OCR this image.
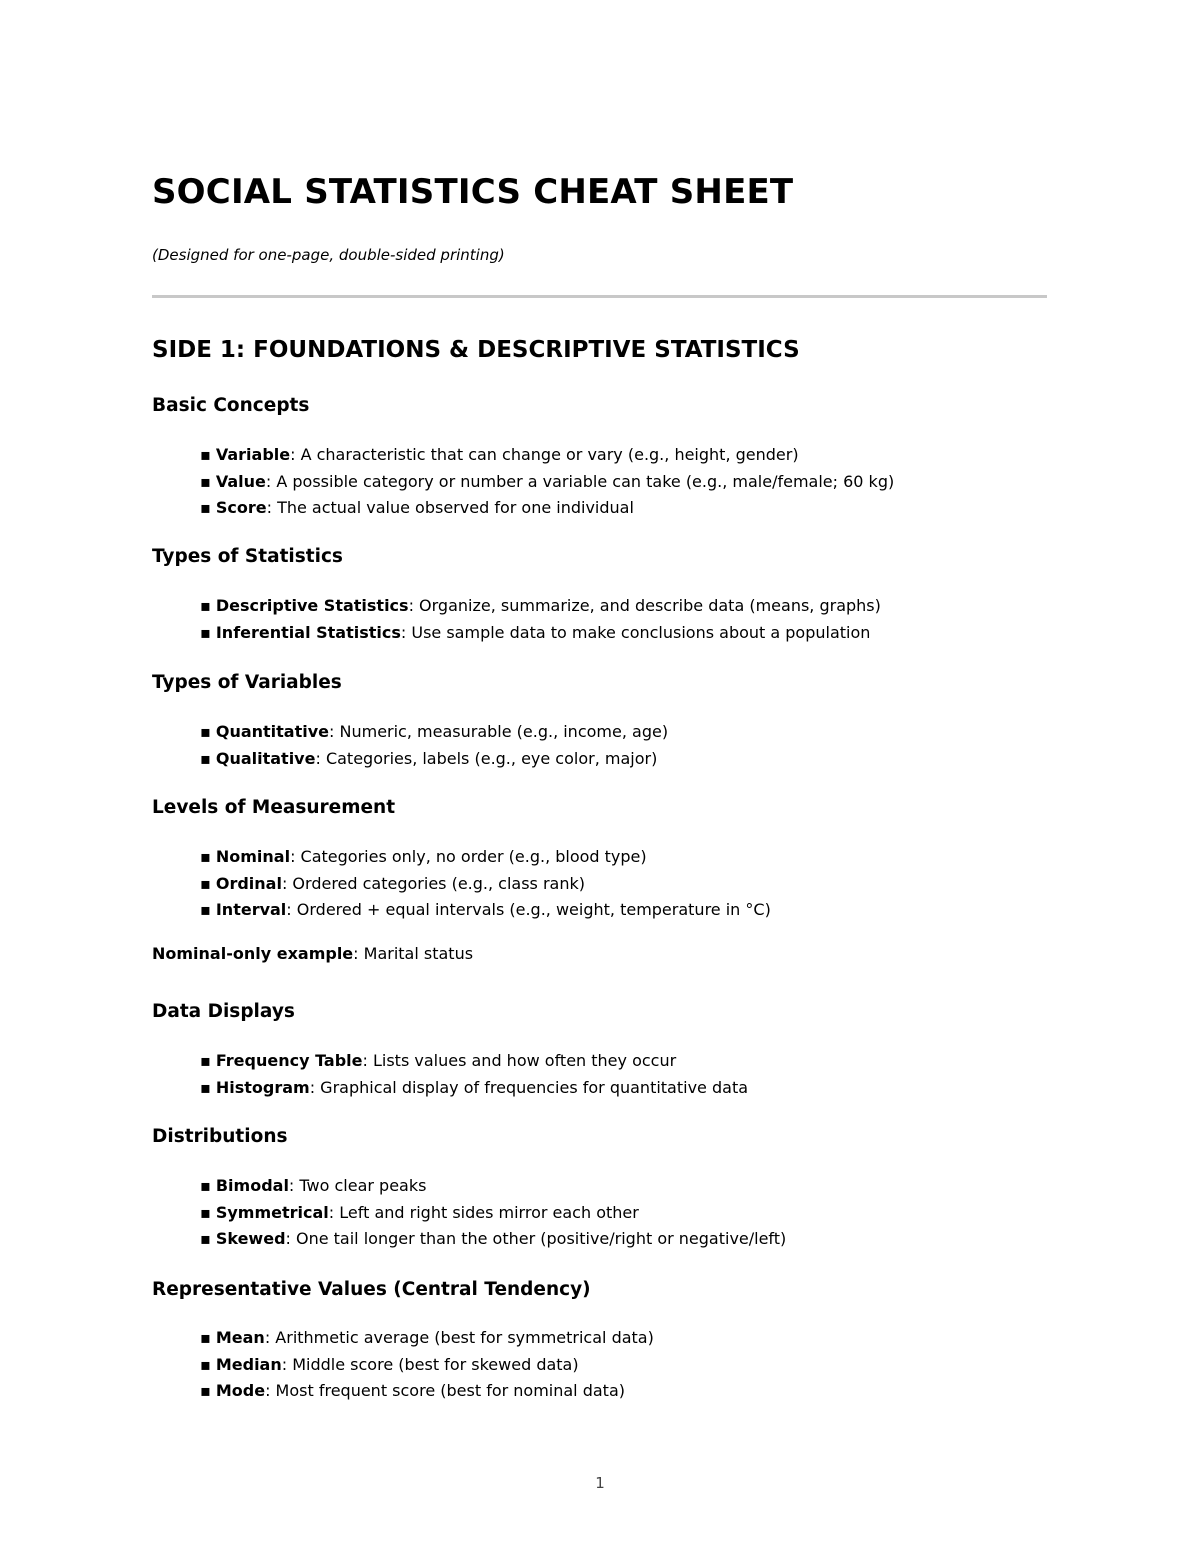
SOCIAL STATISTICS CHEAT SHEET

(Designed for one-page, double-sided printing)

SIDE 1: FOUNDATIONS & DESCRIPTIVE STATISTICS
Basic Concepts
▪ Variable: A characteristic that can change or vary (e.g., height, gender)
▪ Value: A possible category or number a variable can take (e.g., male/female; 60 kg)
▪ Score: The actual value observed for one individual
Types of Statistics
▪ Descriptive Statistics: Organize, summarize, and describe data (means, graphs)
▪ Inferential Statistics: Use sample data to make conclusions about a population
Types of Variables
▪ Quantitative: Numeric, measurable (e.g., income, age)
▪ Qualitative: Categories, labels (e.g., eye color, major)
Levels of Measurement
▪ Nominal: Categories only, no order (e.g., blood type)
▪ Ordinal: Ordered categories (e.g., class rank)
▪ Interval: Ordered + equal intervals (e.g., weight, temperature in °C)

Nominal-only example: Marital status

Data Displays
▪ Frequency Table: Lists values and how often they occur
▪ Histogram: Graphical display of frequencies for quantitative data
Distributions
▪ Bimodal: Two clear peaks
▪ Symmetrical: Left and right sides mirror each other
▪ Skewed: One tail longer than the other (positive/right or negative/left)
Representative Values (Central Tendency)
▪ Mean: Arithmetic average (best for symmetrical data)
▪ Median: Middle score (best for skewed data)
▪ Mode: Most frequent score (best for nominal data)
1
